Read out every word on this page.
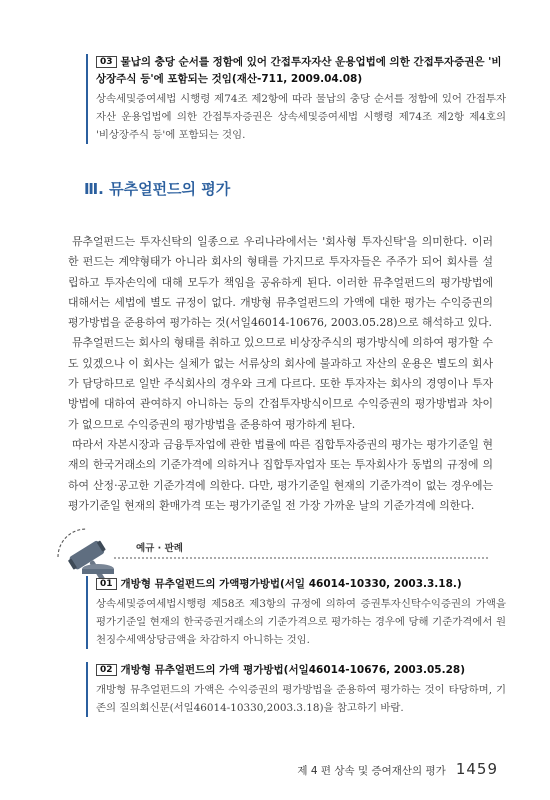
03 물납의 충당 순서를 정함에 있어 간접투자자산 운용업법에 의한 간접투자증권은 '비상장주식 등'에 포함되는 것임(재산-711, 2009.04.08)

상속세및증여세법 시행령 제74조 제2항에 따라 물납의 충당 순서를 정함에 있어 간접투자자산 운용업법에 의한 간접투자증권은 상속세및증여세법 시행령 제74조 제2항 제4호의 '비상장주식 등'에 포함되는 것임.

Ⅲ. 뮤추얼펀드의 평가

뮤추얼펀드는 투자신탁의 일종으로 우리나라에서는 '회사형 투자신탁'을 의미한다. 이러한 펀드는 계약형태가 아니라 회사의 형태를 가지므로 투자자들은 주주가 되어 회사를 설립하고 투자손익에 대해 모두가 책임을 공유하게 된다. 이러한 뮤추얼펀드의 평가방법에 대해서는 세법에 별도 규정이 없다. 개방형 뮤추얼펀드의 가액에 대한 평가는 수익증권의 평가방법을 준용하여 평가하는 것(서일46014-10676, 2003.05.28)으로 해석하고 있다.

뮤추얼펀드는 회사의 형태를 취하고 있으므로 비상장주식의 평가방식에 의하여 평가할 수도 있겠으나 이 회사는 실체가 없는 서류상의 회사에 불과하고 자산의 운용은 별도의 회사가 담당하므로 일반 주식회사의 경우와 크게 다르다. 또한 투자자는 회사의 경영이나 투자방법에 대하여 관여하지 아니하는 등의 간접투자방식이므로 수익증권의 평가방법과 차이가 없으므로 수익증권의 평가방법을 준용하여 평가하게 된다.

따라서 자본시장과 금융투자업에 관한 법률에 따른 집합투자증권의 평가는 평가기준일 현재의 한국거래소의 기준가격에 의하거나 집합투자업자 또는 투자회사가 동법의 규정에 의하여 산정·공고한 기준가격에 의한다. 다만, 평가기준일 현재의 기준가격이 없는 경우에는 평가기준일 현재의 환매가격 또는 평가기준일 전 가장 가까운 날의 기준가격에 의한다.

예규 · 판례

01 개방형 뮤추얼펀드의 가액평가방법(서일 46014-10330, 2003.3.18.)

상속세및증여세법시행령 제58조 제3항의 규정에 의하여 증권투자신탁수익증권의 가액을 평가기준일 현재의 한국증권거래소의 기준가격으로 평가하는 경우에 당해 기준가격에서 원천징수세액상당금액을 차감하지 아니하는 것임.

02 개방형 뮤추얼펀드의 가액 평가방법(서일46014-10676, 2003.05.28)

개방형 뮤추얼펀드의 가액은 수익증권의 평가방법을 준용하여 평가하는 것이 타당하며, 기존의 질의회신문(서일46014-10330,2003.3.18)을 참고하기 바람.

제 4 편 상속 및 증여재산의 평가 1459
